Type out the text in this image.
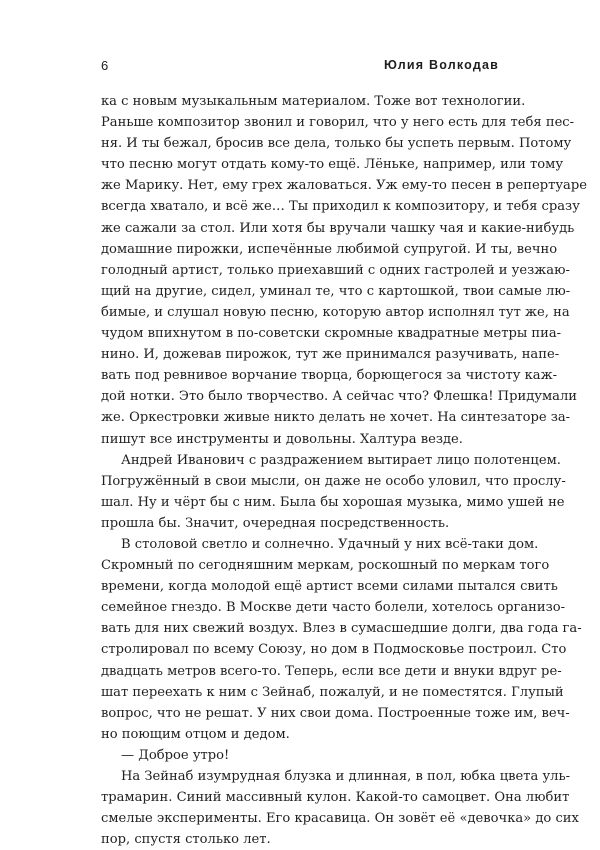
6	Юлия Волкодав
ка с новым музыкальным материалом. Тоже вот технологии.
Раньше композитор звонил и говорил, что у него есть для тебя пес-
ня. И ты бежал, бросив все дела, только бы успеть первым. Потому
что песню могут отдать кому-то ещё. Лёньке, например, или тому
же Марику. Нет, ему грех жаловаться. Уж ему-то песен в репертуаре
всегда хватало, и всё же… Ты приходил к композитору, и тебя сразу
же сажали за стол. Или хотя бы вручали чашку чая и какие-нибудь
домашние пирожки, испечённые любимой супругой. И ты, вечно
голодный артист, только приехавший с одних гастролей и уезжаю-
щий на другие, сидел, уминал те, что с картошкой, твои самые лю-
бимые, и слушал новую песню, которую автор исполнял тут же, на
чудом впихнутом в по-советски скромные квадратные метры пиа-
нино. И, дожевав пирожок, тут же принимался разучивать, напе-
вать под ревнивое ворчание творца, борющегося за чистоту каж-
дой нотки. Это было творчество. А сейчас что? Флешка! Придумали
же. Оркестровки живые никто делать не хочет. На синтезаторе за-
пишут все инструменты и довольны. Халтура везде.
Андрей Иванович с раздражением вытирает лицо полотенцем.
Погружённый в свои мысли, он даже не особо уловил, что прослу-
шал. Ну и чёрт бы с ним. Была бы хорошая музыка, мимо ушей не
прошла бы. Значит, очередная посредственность.
В столовой светло и солнечно. Удачный у них всё-таки дом.
Скромный по сегодняшним меркам, роскошный по меркам того
времени, когда молодой ещё артист всеми силами пытался свить
семейное гнездо. В Москве дети часто болели, хотелось организо-
вать для них свежий воздух. Влез в сумасшедшие долги, два года га-
стролировал по всему Союзу, но дом в Подмосковье построил. Сто
двадцать метров всего-то. Теперь, если все дети и внуки вдруг ре-
шат переехать к ним с Зейнаб, пожалуй, и не поместятся. Глупый
вопрос, что не решат. У них свои дома. Построенные тоже им, веч-
но поющим отцом и дедом.
— Доброе утро!
На Зейнаб изумрудная блузка и длинная, в пол, юбка цвета уль-
трамарин. Синий массивный кулон. Какой-то самоцвет. Она любит
смелые эксперименты. Его красавица. Он зовёт её «девочка» до сих
пор, спустя столько лет.
